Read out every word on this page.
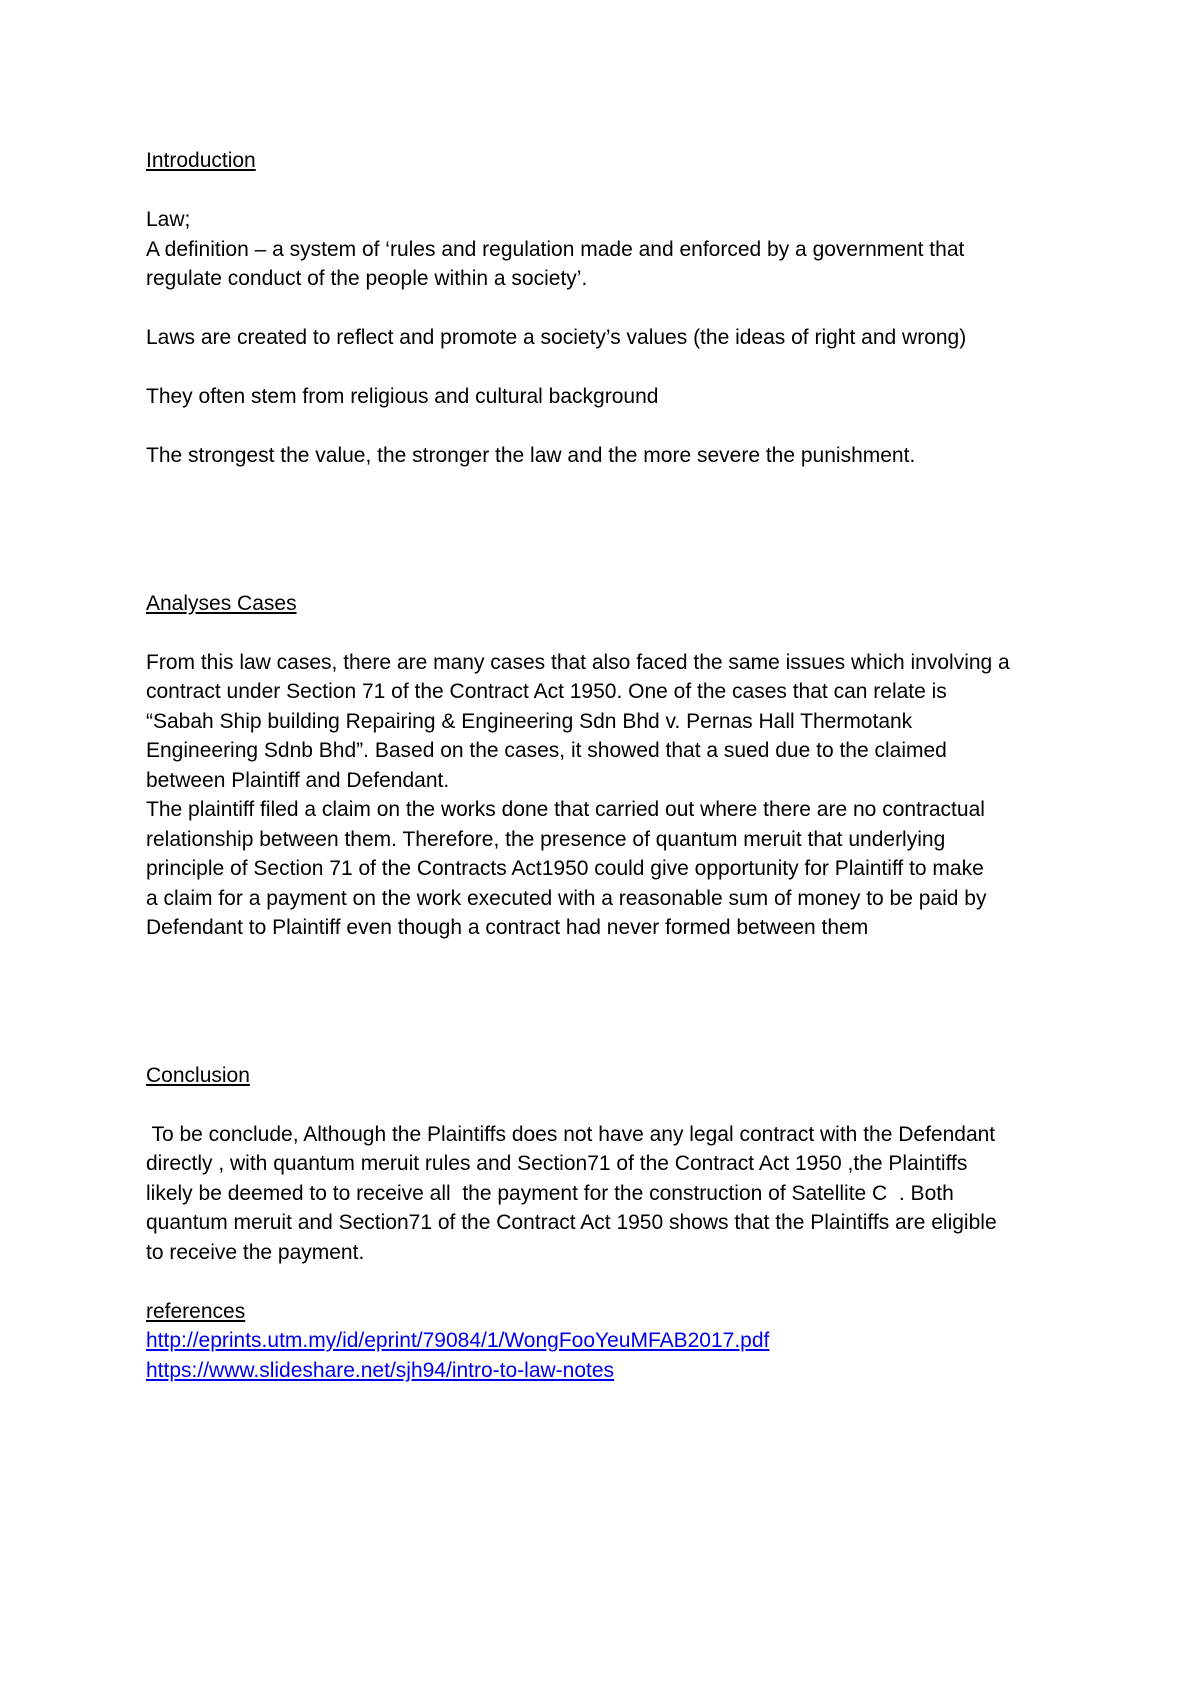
Introduction

Law;

A definition – a system of ‘rules and regulation made and enforced by a government that

regulate conduct of the people within a society’.

Laws are created to reflect and promote a society’s values (the ideas of right and wrong)

They often stem from religious and cultural background

The strongest the value, the stronger the law and the more severe the punishment.

Analyses Cases

From this law cases, there are many cases that also faced the same issues which involving a

contract under Section 71 of the Contract Act 1950. One of the cases that can relate is

“Sabah Ship building Repairing & Engineering Sdn Bhd v. Pernas Hall Thermotank

Engineering Sdnb Bhd”. Based on the cases, it showed that a sued due to the claimed

between Plaintiff and Defendant.

The plaintiff filed a claim on the works done that carried out where there are no contractual

relationship between them. Therefore, the presence of quantum meruit that underlying

principle of Section 71 of the Contracts Act1950 could give opportunity for Plaintiff to make

a claim for a payment on the work executed with a reasonable sum of money to be paid by

Defendant to Plaintiff even though a contract had never formed between them

Conclusion

To be conclude, Although the Plaintiffs does not have any legal contract with the Defendant

directly , with quantum meruit rules and Section71 of the Contract Act 1950 ,the Plaintiffs

likely be deemed to to receive all  the payment for the construction of Satellite C  . Both

quantum meruit and Section71 of the Contract Act 1950 shows that the Plaintiffs are eligible

to receive the payment.

references

http://eprints.utm.my/id/eprint/79084/1/WongFooYeuMFAB2017.pdf

https://www.slideshare.net/sjh94/intro-to-law-notes
